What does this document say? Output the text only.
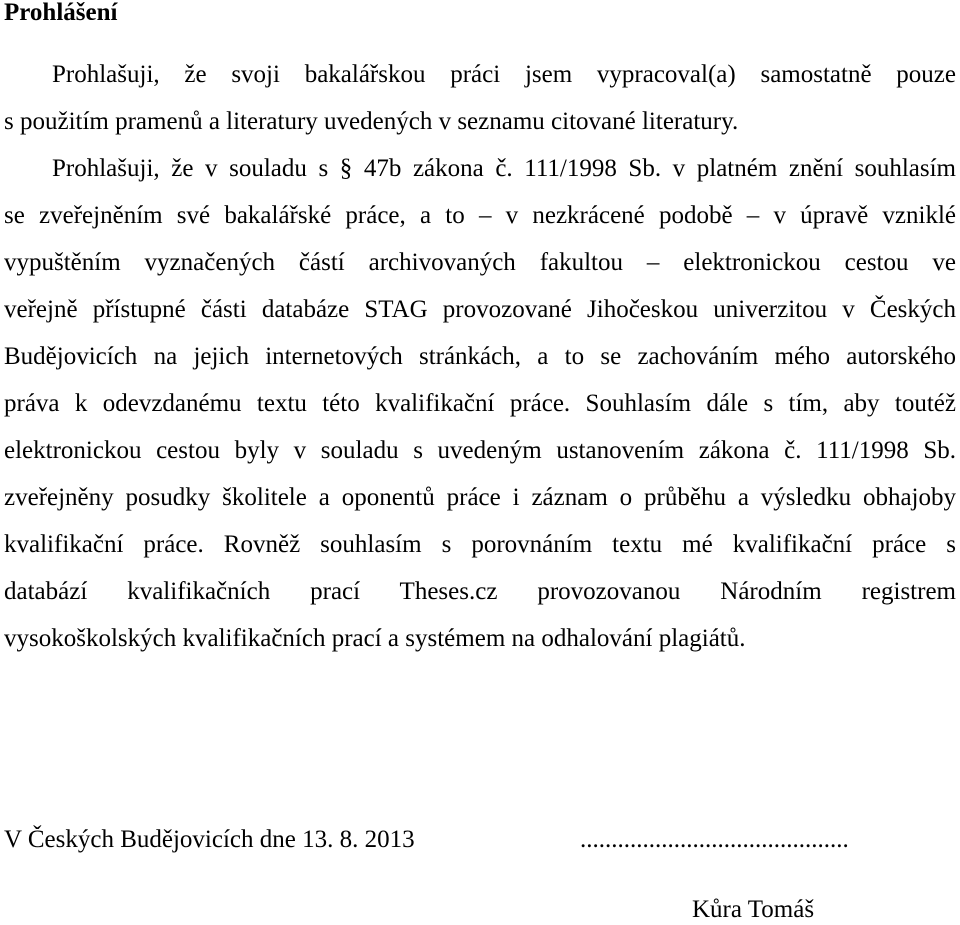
Prohlášení
Prohlašuji, že svoji bakalářskou práci jsem vypracoval(a) samostatně pouze
s použitím pramenů a literatury uvedených v seznamu citované literatury.
Prohlašuji, že v souladu s § 47b zákona č. 111/1998 Sb. v platném znění souhlasím
se zveřejněním své bakalářské práce, a to – v nezkrácené podobě – v úpravě vzniklé
vypuštěním vyznačených částí archivovaných fakultou – elektronickou cestou ve
veřejně přístupné části databáze STAG provozované Jihočeskou univerzitou v Českých
Budějovicích na jejich internetových stránkách, a to se zachováním mého autorského
práva k odevzdanému textu této kvalifikační práce. Souhlasím dále s tím, aby toutéž
elektronickou cestou byly v souladu s uvedeným ustanovením zákona č. 111/1998 Sb.
zveřejněny posudky školitele a oponentů práce i záznam o průběhu a výsledku obhajoby
kvalifikační práce. Rovněž souhlasím s porovnáním textu mé kvalifikační práce s
databází kvalifikačních prací Theses.cz provozovanou Národním registrem
vysokoškolských kvalifikačních prací a systémem na odhalování plagiátů.
V Českých Budějovicích dne 13. 8. 2013	...........................................
Kůra Tomáš
